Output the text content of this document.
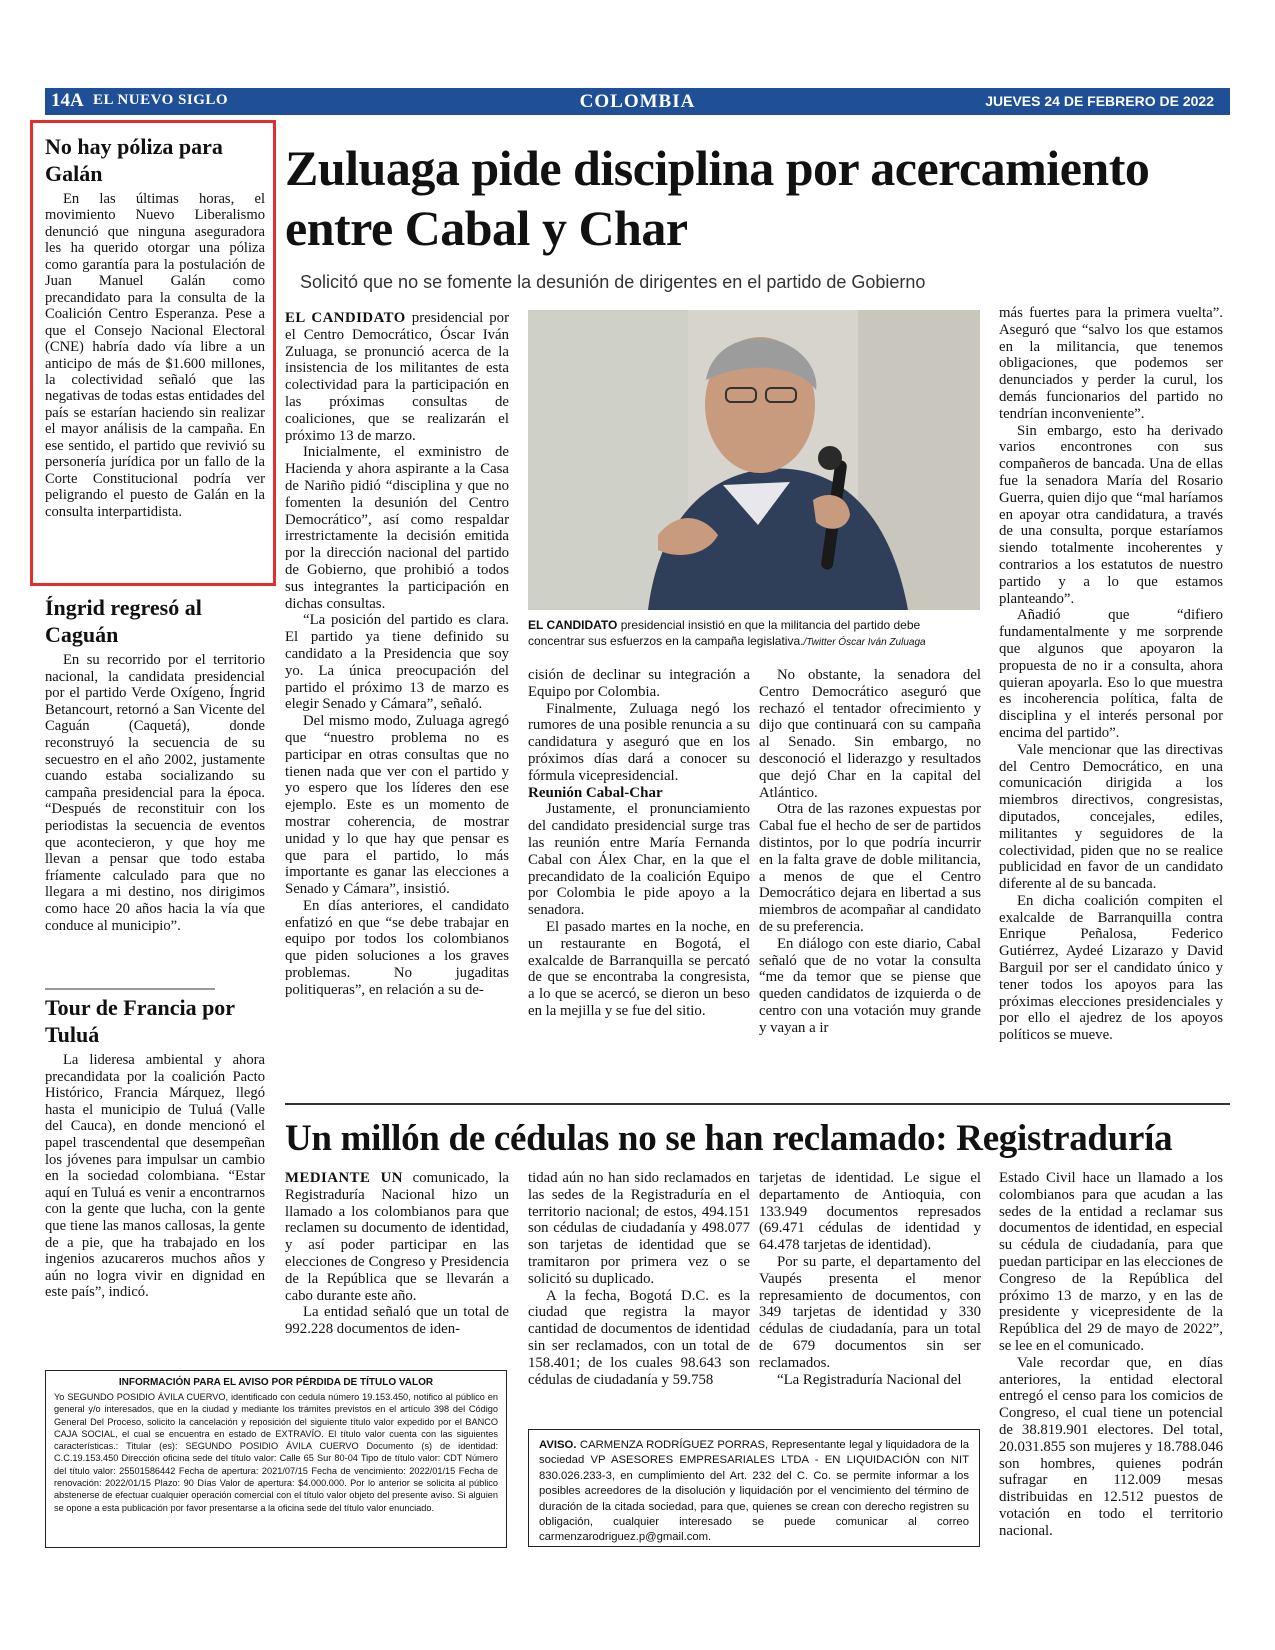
14A EL NUEVO SIGLO	COLOMBIA	JUEVES 24 DE FEBRERO DE 2022
No hay póliza para Galán

En las últimas horas, el movimiento Nuevo Liberalismo denunció que ninguna aseguradora les ha querido otorgar una póliza como garantía para la postulación de Juan Manuel Galán como precandidato para la consulta de la Coalición Centro Esperanza. Pese a que el Consejo Nacional Electoral (CNE) habría dado vía libre a un anticipo de más de $1.600 millones, la colectividad señaló que las negativas de todas estas entidades del país se estarían haciendo sin realizar el mayor análisis de la campaña. En ese sentido, el partido que revivió su personería jurídica por un fallo de la Corte Constitucional podría ver peligrando el puesto de Galán en la consulta interpartidista.

Íngrid regresó al Caguán

En su recorrido por el territorio nacional, la candidata presidencial por el partido Verde Oxígeno, Íngrid Betancourt, retornó a San Vicente del Caguán (Caquetá), donde reconstruyó la secuencia de su secuestro en el año 2002, justamente cuando estaba socializando su campaña presidencial para la época. “Después de reconstituir con los periodistas la secuencia de eventos que acontecieron, y que hoy me llevan a pensar que todo estaba fríamente calculado para que no llegara a mi destino, nos dirigimos como hace 20 años hacia la vía que conduce al municipio”.

Tour de Francia por Tuluá

La lideresa ambiental y ahora precandidata por la coalición Pacto Histórico, Francia Márquez, llegó hasta el municipio de Tuluá (Valle del Cauca), en donde mencionó el papel trascendental que desempeñan los jóvenes para impulsar un cambio en la sociedad colombiana. “Estar aquí en Tuluá es venir a encontrarnos con la gente que lucha, con la gente que tiene las manos callosas, la gente de a pie, que ha trabajado en los ingenios azucareros muchos años y aún no logra vivir en dignidad en este país”, indicó.

Zuluaga pide disciplina por acercamiento entre Cabal y Char
Solicitó que no se fomente la desunión de dirigentes en el partido de Gobierno

EL CANDIDATO presidencial por el Centro Democrático, Óscar Iván Zuluaga, se pronunció acerca de la insistencia de los militantes de esta colectividad para la participación en las próximas consultas de coaliciones, que se realizarán el próximo 13 de marzo.

Inicialmente, el exministro de Hacienda y ahora aspirante a la Casa de Nariño pidió “disciplina y que no fomenten la desunión del Centro Democrático”, así como respaldar irrestrictamente la decisión emitida por la dirección nacional del partido de Gobierno, que prohibió a todos sus integrantes la participación en dichas consultas.

“La posición del partido es clara. El partido ya tiene definido su candidato a la Presidencia que soy yo. La única preocupación del partido el próximo 13 de marzo es elegir Senado y Cámara”, señaló.

Del mismo modo, Zuluaga agregó que “nuestro problema no es participar en otras consultas que no tienen nada que ver con el partido y yo espero que los líderes den ese ejemplo. Este es un momento de mostrar coherencia, de mostrar unidad y lo que hay que pensar es que para el partido, lo más importante es ganar las elecciones a Senado y Cámara”, insistió.

En días anteriores, el candidato enfatizó en que “se debe trabajar en equipo por todos los colombianos que piden soluciones a los graves problemas. No jugaditas politiqueras”, en relación a su de-

EL CANDIDATO presidencial insistió en que la militancia del partido debe concentrar sus esfuerzos en la campaña legislativa./Twitter Óscar Iván Zuluaga

cisión de declinar su integración a Equipo por Colombia.

Finalmente, Zuluaga negó los rumores de una posible renuncia a su candidatura y aseguró que en los próximos días dará a conocer su fórmula vicepresidencial.

Reunión Cabal-Char

Justamente, el pronunciamiento del candidato presidencial surge tras las reunión entre María Fernanda Cabal con Álex Char, en la que el precandidato de la coalición Equipo por Colombia le pide apoyo a la senadora.

El pasado martes en la noche, en un restaurante en Bogotá, el exalcalde de Barranquilla se percató de que se encontraba la congresista, a lo que se acercó, se dieron un beso en la mejilla y se fue del sitio.

No obstante, la senadora del Centro Democrático aseguró que rechazó el tentador ofrecimiento y dijo que continuará con su campaña al Senado. Sin embargo, no desconoció el liderazgo y resultados que dejó Char en la capital del Atlántico.

Otra de las razones expuestas por Cabal fue el hecho de ser de partidos distintos, por lo que podría incurrir en la falta grave de doble militancia, a menos de que el Centro Democrático dejara en libertad a sus miembros de acompañar al candidato de su preferencia.

En diálogo con este diario, Cabal señaló que de no votar la consulta “me da temor que se piense que queden candidatos de izquierda o de centro con una votación muy grande y vayan a ir

más fuertes para la primera vuelta”. Aseguró que “salvo los que estamos en la militancia, que tenemos obligaciones, que podemos ser denunciados y perder la curul, los demás funcionarios del partido no tendrían inconveniente”.

Sin embargo, esto ha derivado varios encontrones con sus compañeros de bancada. Una de ellas fue la senadora María del Rosario Guerra, quien dijo que “mal haríamos en apoyar otra candidatura, a través de una consulta, porque estaríamos siendo totalmente incoherentes y contrarios a los estatutos de nuestro partido y a lo que estamos planteando”.

Añadió que “difiero fundamentalmente y me sorprende que algunos que apoyaron la propuesta de no ir a consulta, ahora quieran apoyarla. Eso lo que muestra es incoherencia política, falta de disciplina y el interés personal por encima del partido”.

Vale mencionar que las directivas del Centro Democrático, en una comunicación dirigida a los miembros directivos, congresistas, diputados, concejales, ediles, militantes y seguidores de la colectividad, piden que no se realice publicidad en favor de un candidato diferente al de su bancada.

En dicha coalición compiten el exalcalde de Barranquilla contra Enrique Peñalosa, Federico Gutiérrez, Aydeé Lizarazo y David Barguil por ser el candidato único y tener todos los apoyos para las próximas elecciones presidenciales y por ello el ajedrez de los apoyos políticos se mueve.

Un millón de cédulas no se han reclamado: Registraduría

MEDIANTE UN comunicado, la Registraduría Nacional hizo un llamado a los colombianos para que reclamen su documento de identidad, y así poder participar en las elecciones de Congreso y Presidencia de la República que se llevarán a cabo durante este año.

La entidad señaló que un total de 992.228 documentos de iden-

tidad aún no han sido reclamados en las sedes de la Registraduría en el territorio nacional; de estos, 494.151 son cédulas de ciudadanía y 498.077 son tarjetas de identidad que se tramitaron por primera vez o se solicitó su duplicado.

A la fecha, Bogotá D.C. es la ciudad que registra la mayor cantidad de documentos de identidad sin ser reclamados, con un total de 158.401; de los cuales 98.643 son cédulas de ciudadanía y 59.758

tarjetas de identidad. Le sigue el departamento de Antioquia, con 133.949 documentos represados (69.471 cédulas de identidad y 64.478 tarjetas de identidad).

Por su parte, el departamento del Vaupés presenta el menor represamiento de documentos, con 349 tarjetas de identidad y 330 cédulas de ciudadanía, para un total de 679 documentos sin ser reclamados.

“La Registraduría Nacional del

Estado Civil hace un llamado a los colombianos para que acudan a las sedes de la entidad a reclamar sus documentos de identidad, en especial su cédula de ciudadanía, para que puedan participar en las elecciones de Congreso de la República del próximo 13 de marzo, y en las de presidente y vicepresidente de la República del 29 de mayo de 2022”, se lee en el comunicado.

Vale recordar que, en días anteriores, la entidad electoral entregó el censo para los comicios de Congreso, el cual tiene un potencial de 38.819.901 electores. Del total, 20.031.855 son mujeres y 18.788.046 son hombres, quienes podrán sufragar en 112.009 mesas distribuidas en 12.512 puestos de votación en todo el territorio nacional.

INFORMACIÓN PARA EL AVISO POR PÉRDIDA DE TÍTULO VALOR
Yo SEGUNDO POSIDIO ÁVILA CUERVO, identificado con cedula número 19.153.450, notifico al público en general y/o interesados, que en la ciudad y mediante los trámites previstos en el artículo 398 del Código General Del Proceso, solicito la cancelación y reposición del siguiente título valor expedido por el BANCO CAJA SOCIAL, el cual se encuentra en estado de EXTRAVÍO. El título valor cuenta con las siguientes características.: Titular (es): SEGUNDO POSIDIO ÁVILA CUERVO Documento (s) de identidad: C.C.19.153.450 Dirección oficina sede del título valor: Calle 65 Sur 80-04 Tipo de título valor: CDT Número del título valor: 25501586442 Fecha de apertura: 2021/07/15 Fecha de vencimiento: 2022/01/15 Fecha de renovación: 2022/01/15 Plazo: 90 Días Valor de apertura: $4.000.000. Por lo anterior se solicita al público abstenerse de efectuar cualquier operación comercial con el título valor objeto del presente aviso. Si alguien se opone a esta publicación por favor presentarse a la oficina sede del título valor enunciado.
AVISO. CARMENZA RODRÍGUEZ PORRAS, Representante legal y liquidadora de la sociedad VP ASESORES EMPRESARIALES LTDA - EN LIQUIDACIÓN con NIT 830.026.233-3, en cumplimiento del Art. 232 del C. Co. se permite informar a los posibles acreedores de la disolución y liquidación por el vencimiento del término de duración de la citada sociedad, para que, quienes se crean con derecho registren su obligación, cualquier interesado se puede comunicar al correo carmenzarodriguez.p@gmail.com.
